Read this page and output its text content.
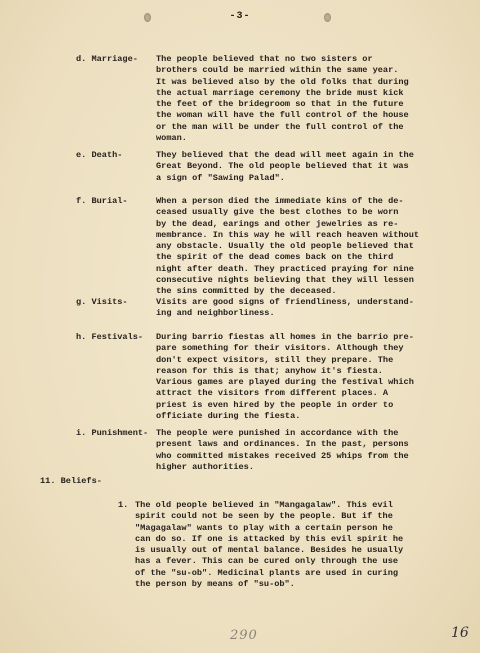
-3-
d. Marriage- The people believed that no two sisters or
brothers could be married within the same year.
It was believed also by the old folks that during
the actual marriage ceremony the bride must kick
the feet of the bridegroom so that in the future
the woman will have the full control of the house
or the man will be under the full control of the
woman.
e. Death-	They believed that the dead will meet again in the
Great Beyond. The old people believed that it was
a sign of "Sawing Palad".
f. Burial-	When a person died the immediate kins of the de-
ceased usually give the best clothes to be worn
by the dead, earings and other jewelries as re-
membrance. In this way he will reach heaven without
any obstacle. Usually the old people believed that
the spirit of the dead comes back on the third
night after death. They practiced praying for nine
consecutive nights believing that they will lessen
the sins committed by the deceased.
g. Visits-	Visits are good signs of friendliness, understand-
ing and neighborliness.
h. Festivals- During barrio fiestas all homes in the barrio pre-
pare something for their visitors. Although they
don't expect visitors, still they prepare. The
reason for this is that; anyhow it's fiesta.
Various games are played during the festival which
attract the visitors from different places. A
priest is even hired by the people in order to
officiate during the fiesta.
i. Punishment- The people were punished in accordance with the
present laws and ordinances. In the past, persons
who committed mistakes received 25 whips from the
higher authorities.
11. Beliefs-
1. The old people believed in "Mangagalaw". This evil
spirit could not be seen by the people. But if the
"Magagalaw" wants to play with a certain person he
can do so. If one is attacked by this evil spirit he
is usually out of mental balance. Besides he usually
has a fever. This can be cured only through the use
of the "su-ob". Medicinal plants are used in curing
the person by means of "su-ob".
290	16
